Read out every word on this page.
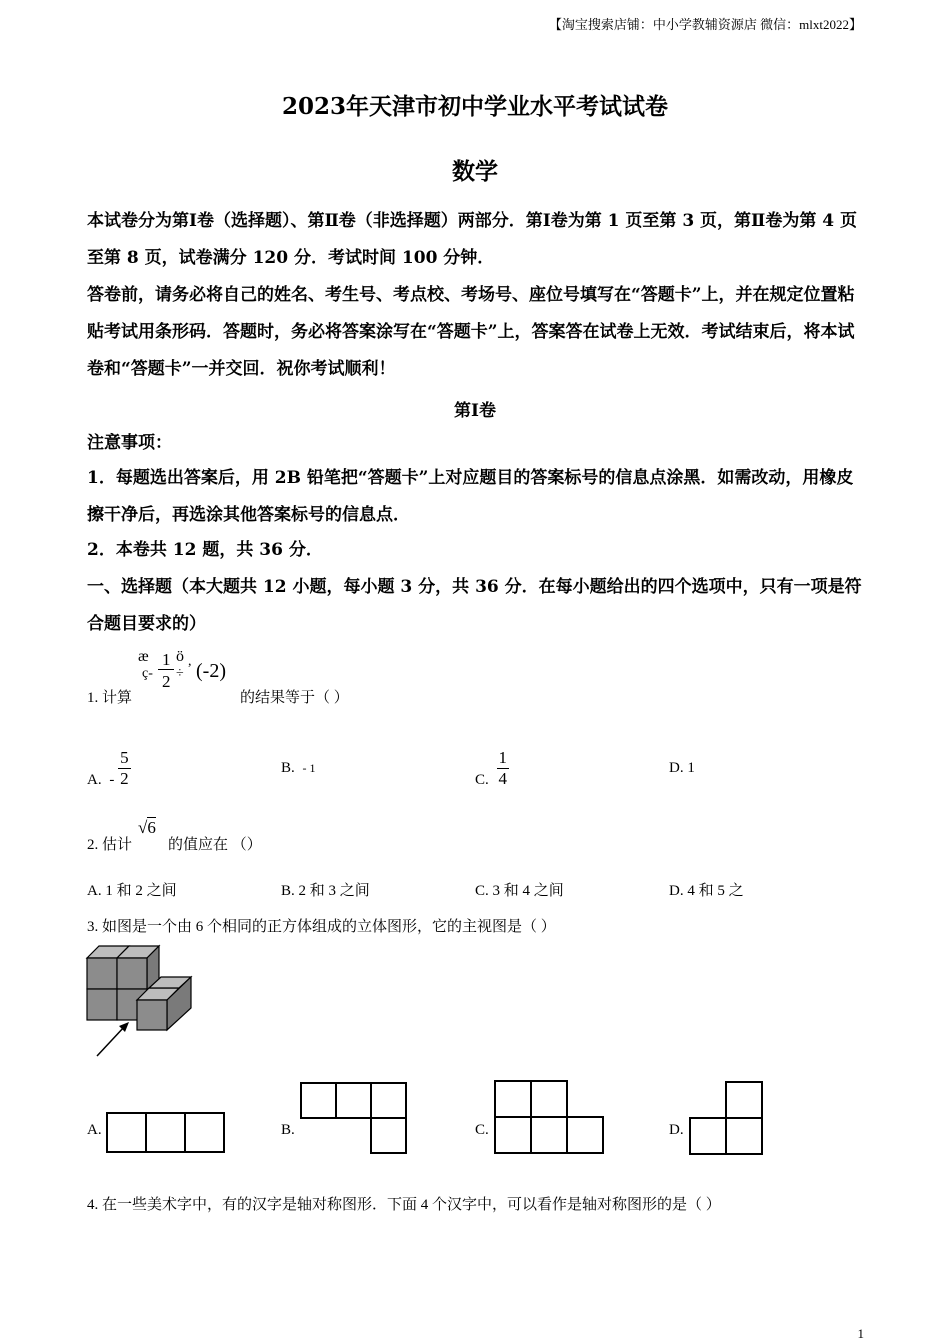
【淘宝搜索店铺：中小学教辅资源店 微信：mlxt2022】
2023年天津市初中学业水平考试试卷
数学
本试卷分为第Ⅰ卷（选择题）、第Ⅱ卷（非选择题）两部分．第Ⅰ卷为第 1 页至第 3 页，第Ⅱ卷为第 4 页至第 8 页，试卷满分 120 分．考试时间 100 分钟．
答卷前，请务必将自己的姓名、考生号、考点校、考场号、座位号填写在“答题卡”上，并在规定位置粘贴考试用条形码．答题时，务必将答案涂写在“答题卡”上，答案答在试卷上无效．考试结束后，将本试卷和“答题卡”一并交回．祝你考试顺利！
第Ⅰ卷
注意事项：
1．每题选出答案后，用 2B 铅笔把“答题卡”上对应题目的答案标号的信息点涂黑．如需改动，用橡皮擦干净后，再选涂其他答案标号的信息点．
2．本卷共 12 题，共 36 分．
一、选择题（本大题共 12 小题，每小题 3 分，共 36 分．在每小题给出的四个选项中，只有一项是符合题目要求的）
1. 计算
æ
ç-
1
2
ö
÷
, (-2)
的结果等于（ ）
A. - $\frac{5}{2}$	B. - 1
C. $\frac{1}{4}$	D. 1
2. 估计
√6
的值应在 （）
A. 1 和 2 之间	B. 2 和 3 之间	C. 3 和 4 之间	D. 4 和 5 之
3. 如图是一个由 6 个相同的正方体组成的立体图形，它的主视图是（ ）
A.	B.	C.	D.
4. 在一些美术字中，有的汉字是轴对称图形．下面 4 个汉字中，可以看作是轴对称图形的是（ ）
1
